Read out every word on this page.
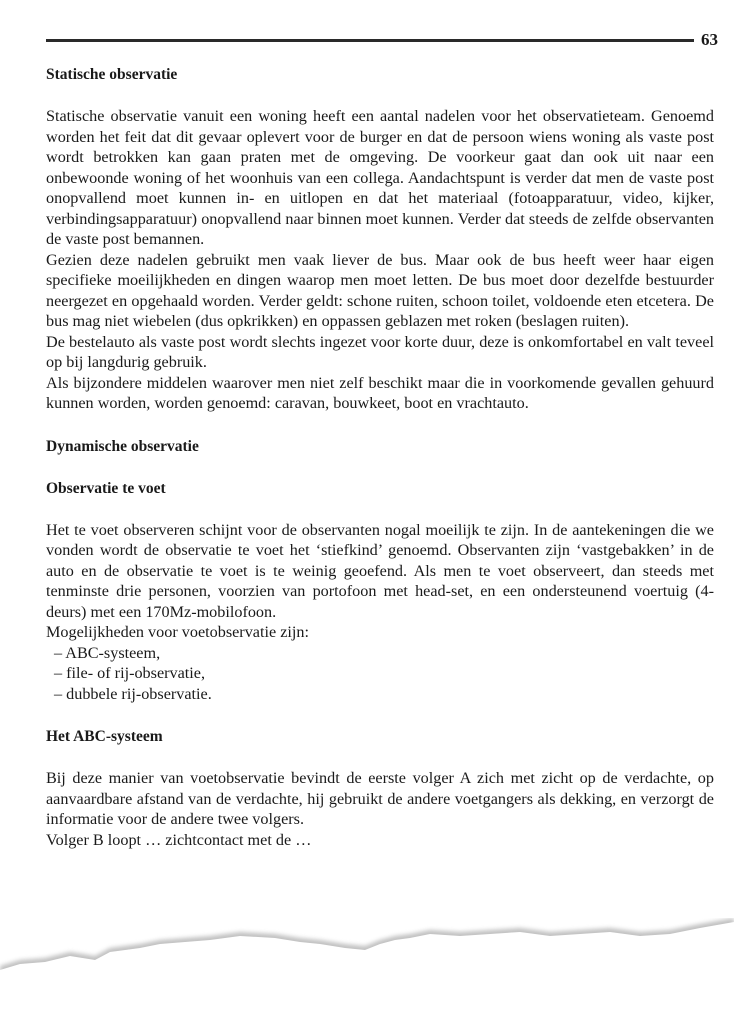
63

Statische observatie

Statische observatie vanuit een woning heeft een aantal nadelen voor het observatieteam. Genoemd worden het feit dat dit gevaar oplevert voor de burger en dat de persoon wiens woning als vaste post wordt betrokken kan gaan praten met de omgeving. De voorkeur gaat dan ook uit naar een onbewoonde woning of het woonhuis van een collega. Aandachtspunt is verder dat men de vaste post onopvallend moet kunnen in- en uitlopen en dat het materiaal (fotoapparatuur, video, kijker, verbindingsapparatuur) onopvallend naar binnen moet kunnen. Verder dat steeds de zelfde observanten de vaste post bemannen.

Gezien deze nadelen gebruikt men vaak liever de bus. Maar ook de bus heeft weer haar eigen specifieke moeilijkheden en dingen waarop men moet letten. De bus moet door dezelfde bestuurder neergezet en opgehaald worden. Verder geldt: schone ruiten, schoon toilet, voldoende eten etcetera. De bus mag niet wiebelen (dus opkrikken) en oppassen geblazen met roken (beslagen ruiten).

De bestelauto als vaste post wordt slechts ingezet voor korte duur, deze is onkomfortabel en valt teveel op bij langdurig gebruik.

Als bijzondere middelen waarover men niet zelf beschikt maar die in voorkomende gevallen gehuurd kunnen worden, worden genoemd: caravan, bouwkeet, boot en vrachtauto.

Dynamische observatie

Observatie te voet

Het te voet observeren schijnt voor de observanten nogal moeilijk te zijn. In de aantekeningen die we vonden wordt de observatie te voet het ‘stiefkind’ genoemd. Observanten zijn ‘vastgebakken’ in de auto en de observatie te voet is te weinig geoefend. Als men te voet observeert, dan steeds met tenminste drie personen, voorzien van portofoon met head-set, en een ondersteunend voertuig (4-deurs) met een 170Mz-mobilofoon.

Mogelijkheden voor voetobservatie zijn:

– ABC-systeem,
– file- of rij-observatie,
– dubbele rij-observatie.

Het ABC-systeem

Bij deze manier van voetobservatie bevindt de eerste volger A zich met zicht op de verdachte, op aanvaardbare afstand van de verdachte, hij gebruikt de andere voetgangers als dekking, en verzorgt de informatie voor de andere twee volgers.

Volger B loopt … zichtcontact met de …
